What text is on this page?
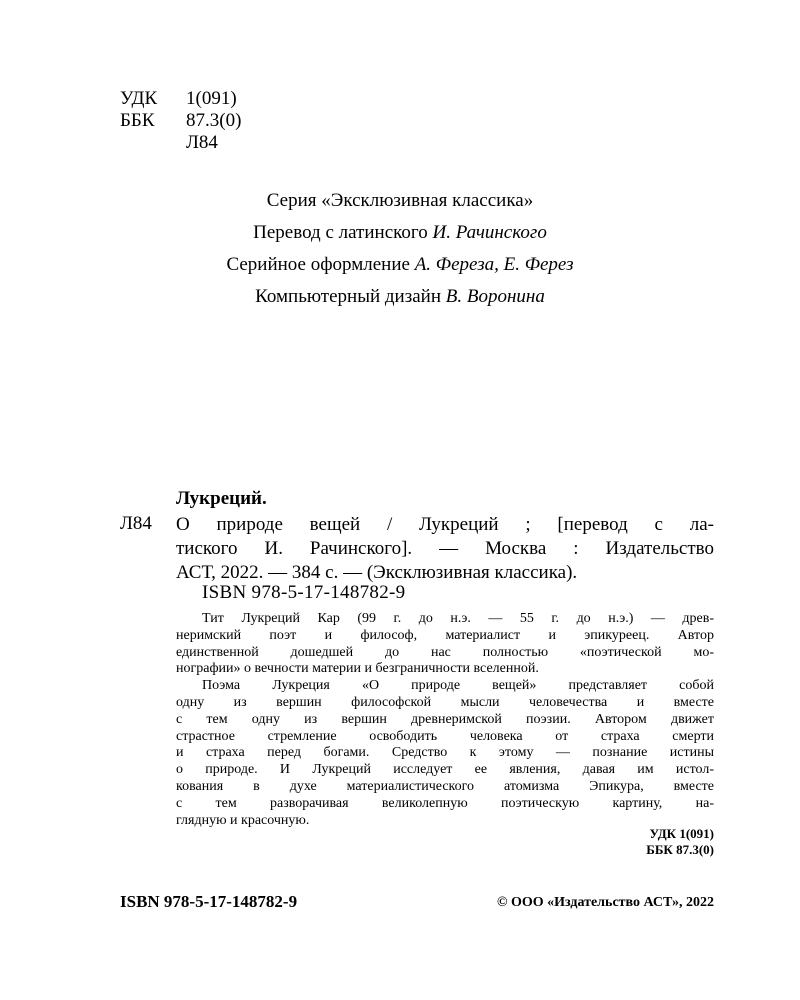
УДК	1(091)
ББК	87.3(0)
Л84
Серия «Эксклюзивная классика»
Перевод с латинского И. Рачинского
Серийное оформление А. Фереза, Е. Ферез
Компьютерный дизайн В. Воронина
Лукреций.
Л84 О природе вещей / Лукреций ; [перевод с ла-
тиского И. Рачинского]. — Москва : Издательство
АСТ, 2022. — 384 с. — (Эксклюзивная классика).
ISBN 978-5-17-148782-9
Тит Лукреций Кар (99 г. до н.э. — 55 г. до н.э.) — древ-
неримский поэт и философ, материалист и эпикуреец. Автор
единственной дошедшей до нас полностью «поэтической мо-
нографии» о вечности материи и безграничности вселенной.
Поэма Лукреция «О природе вещей» представляет собой
одну из вершин философской мысли человечества и вместе
с тем одну из вершин древнеримской поэзии. Автором движет
страстное стремление освободить человека от страха смерти
и страха перед богами. Средство к этому — познание истины
о природе. И Лукреций исследует ее явления, давая им истол-
кования в духе материалистического атомизма Эпикура, вместе
с тем разворачивая великолепную поэтическую картину, на-
глядную и красочную.
УДК 1(091)
ББК 87.3(0)
ISBN 978-5-17-148782-9	© ООО «Издательство АСТ», 2022
